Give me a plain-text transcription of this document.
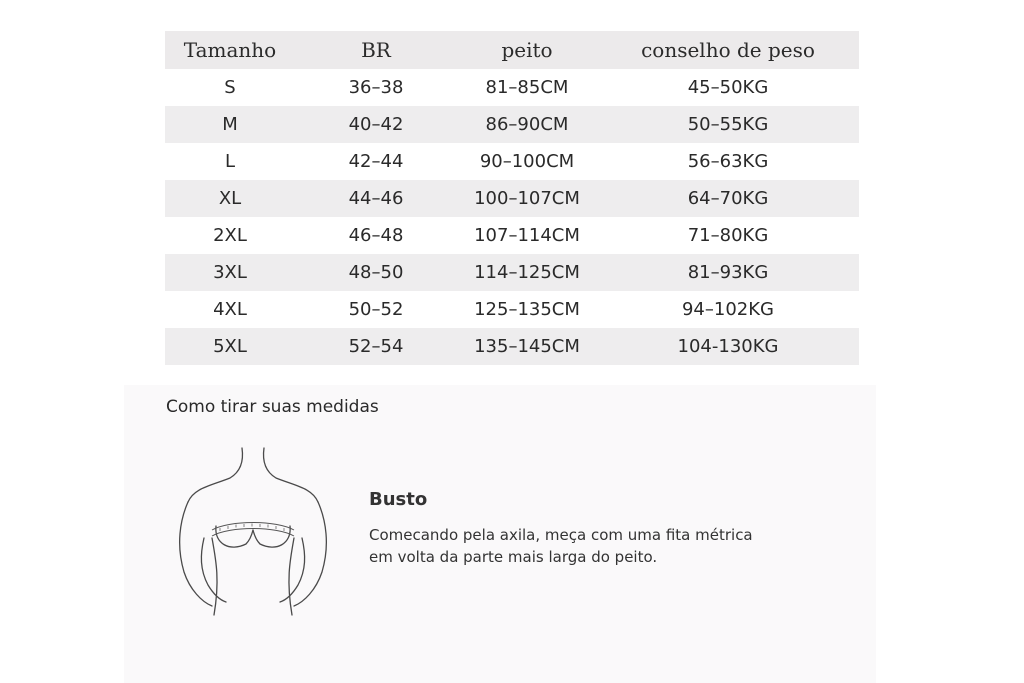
Tamanho	BR	peito	conselho de peso
S	36–38	81–85CM	45–50KG
M	40–42	86–90CM	50–55KG
L	42–44	90–100CM	56–63KG
XL	44–46	100–107CM	64–70KG
2XL	46–48	107–114CM	71–80KG
3XL	48–50	114–125CM	81–93KG
4XL	50–52	125–135CM	94–102KG
5XL	52–54	135–145CM	104-130KG
Como tirar suas medidas
Busto
Comecando pela axila, meça com uma fita métrica
em volta da parte mais larga do peito.
